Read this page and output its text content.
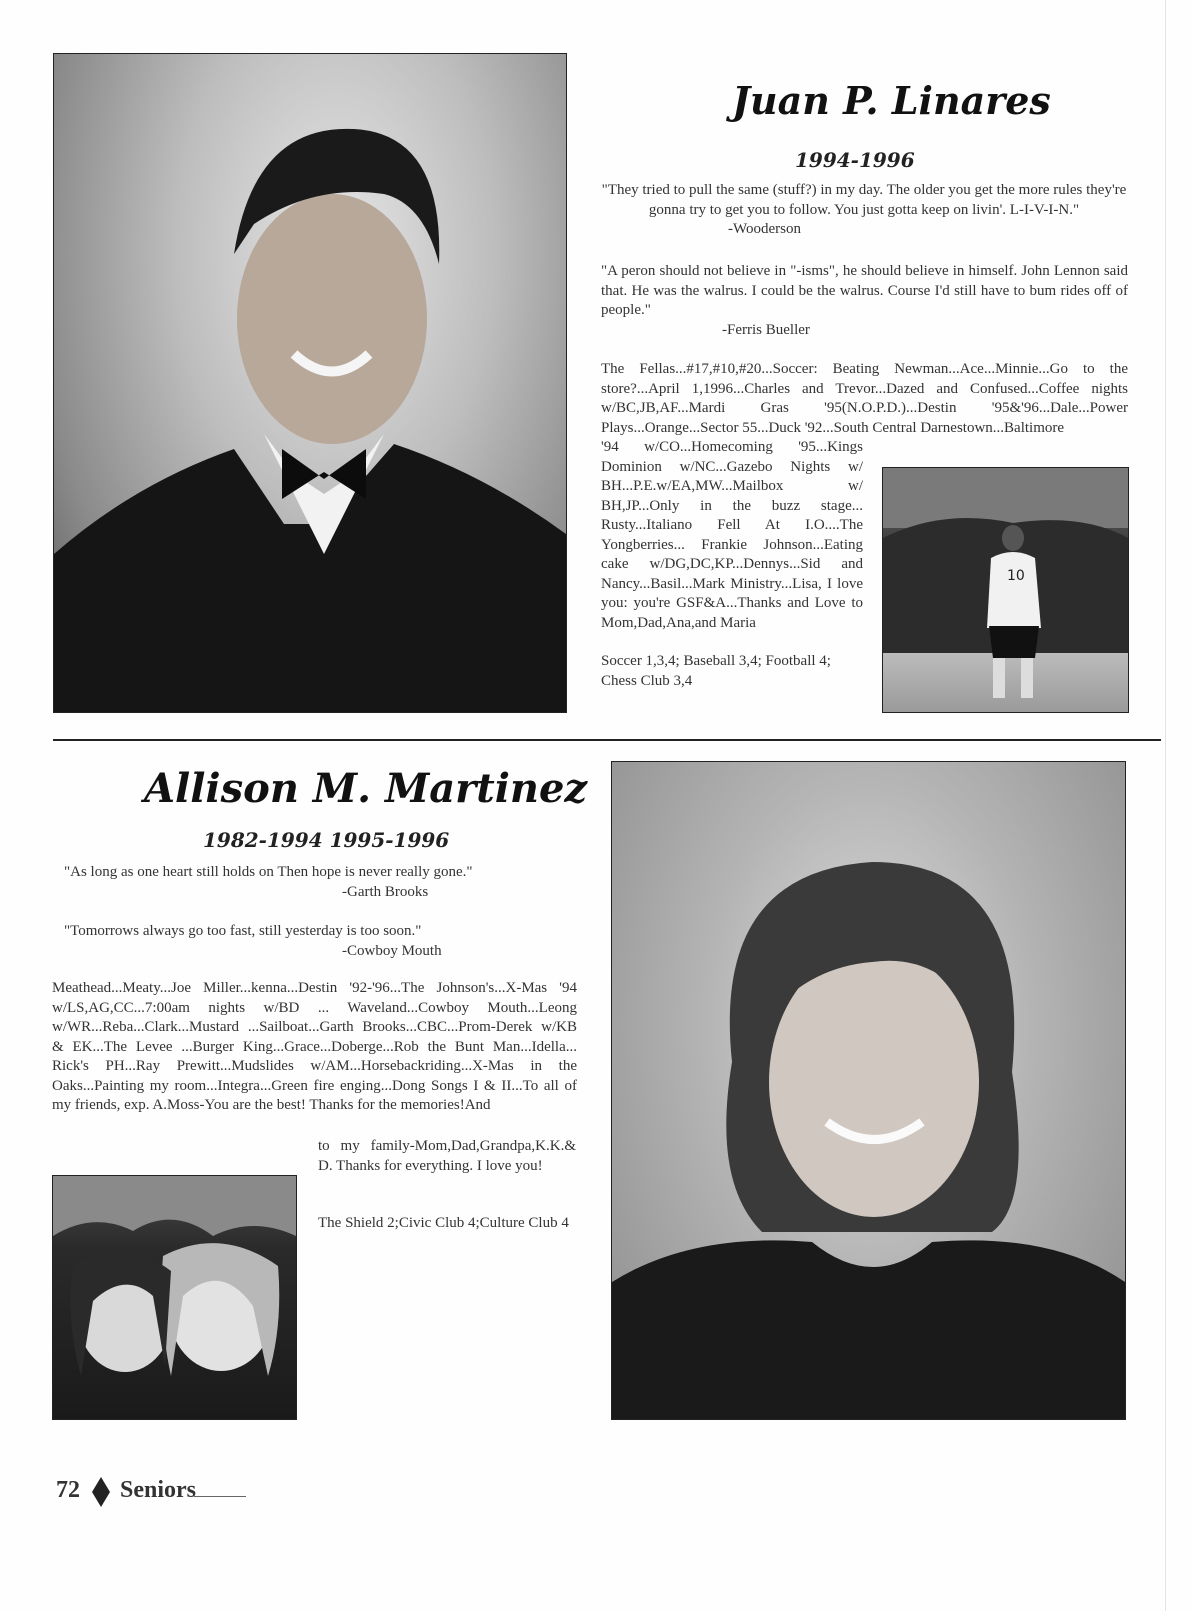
Juan P. Linares
1994-1996
"They tried to pull the same (stuff?) in my day. The older you get the more rules they're gonna try to get you to follow. You just gotta keep on livin'. L-I-V-I-N."
-Wooderson
"A peron should not believe in "-isms", he should believe in himself. John Lennon said that. He was the walrus. I could be the walrus. Course I'd still have to bum rides off of people."
-Ferris Bueller
The Fellas...#17,#10,#20...Soccer: Beating Newman...Ace...Minnie...Go to the store?...April 1,1996...Charles and Trevor...Dazed and Confused...Coffee nights w/BC,JB,AF...Mardi Gras '95(N.O.P.D.)...Destin '95&'96...Dale...Power Plays...Orange...Sector 55...Duck '92...South Central Darnestown...Baltimore
'94 w/CO...Homecoming '95...Kings Dominion w/NC...Gazebo Nights w/ BH...P.E.w/EA,MW...Mailbox w/ BH,JP...Only in the buzz stage... Rusty...Italiano Fell At I.O....The Yongberries... Frankie Johnson...Eating cake w/DG,DC,KP...Dennys...Sid and Nancy...Basil...Mark Ministry...Lisa, I love you: you're GSF&A...Thanks and Love to Mom,Dad,Ana,and Maria
Soccer 1,3,4; Baseball 3,4; Football 4; Chess Club 3,4
10
Allison M. Martinez
1982-1994 1995-1996
"As long as one heart still holds on Then hope is never really gone."
-Garth Brooks
"Tomorrows always go too fast, still yesterday is too soon."
-Cowboy Mouth
Meathead...Meaty...Joe Miller...kenna...Destin '92-'96...The Johnson's...X-Mas '94 w/LS,AG,CC...7:00am nights w/BD ... Waveland...Cowboy Mouth...Leong w/WR...Reba...Clark...Mustard ...Sailboat...Garth Brooks...CBC...Prom-Derek w/KB & EK...The Levee ...Burger King...Grace...Doberge...Rob the Bunt Man...Idella... Rick's PH...Ray Prewitt...Mudslides w/AM...Horsebackriding...X-Mas in the Oaks...Painting my room...Integra...Green fire enging...Dong Songs I & II...To all of my friends, exp. A.Moss-You are the best! Thanks for the memories!And
to my family-Mom,Dad,Grandpa,K.K.& D. Thanks for everything. I love you!
The Shield 2;Civic Club 4;Culture Club 4
72 Seniors
